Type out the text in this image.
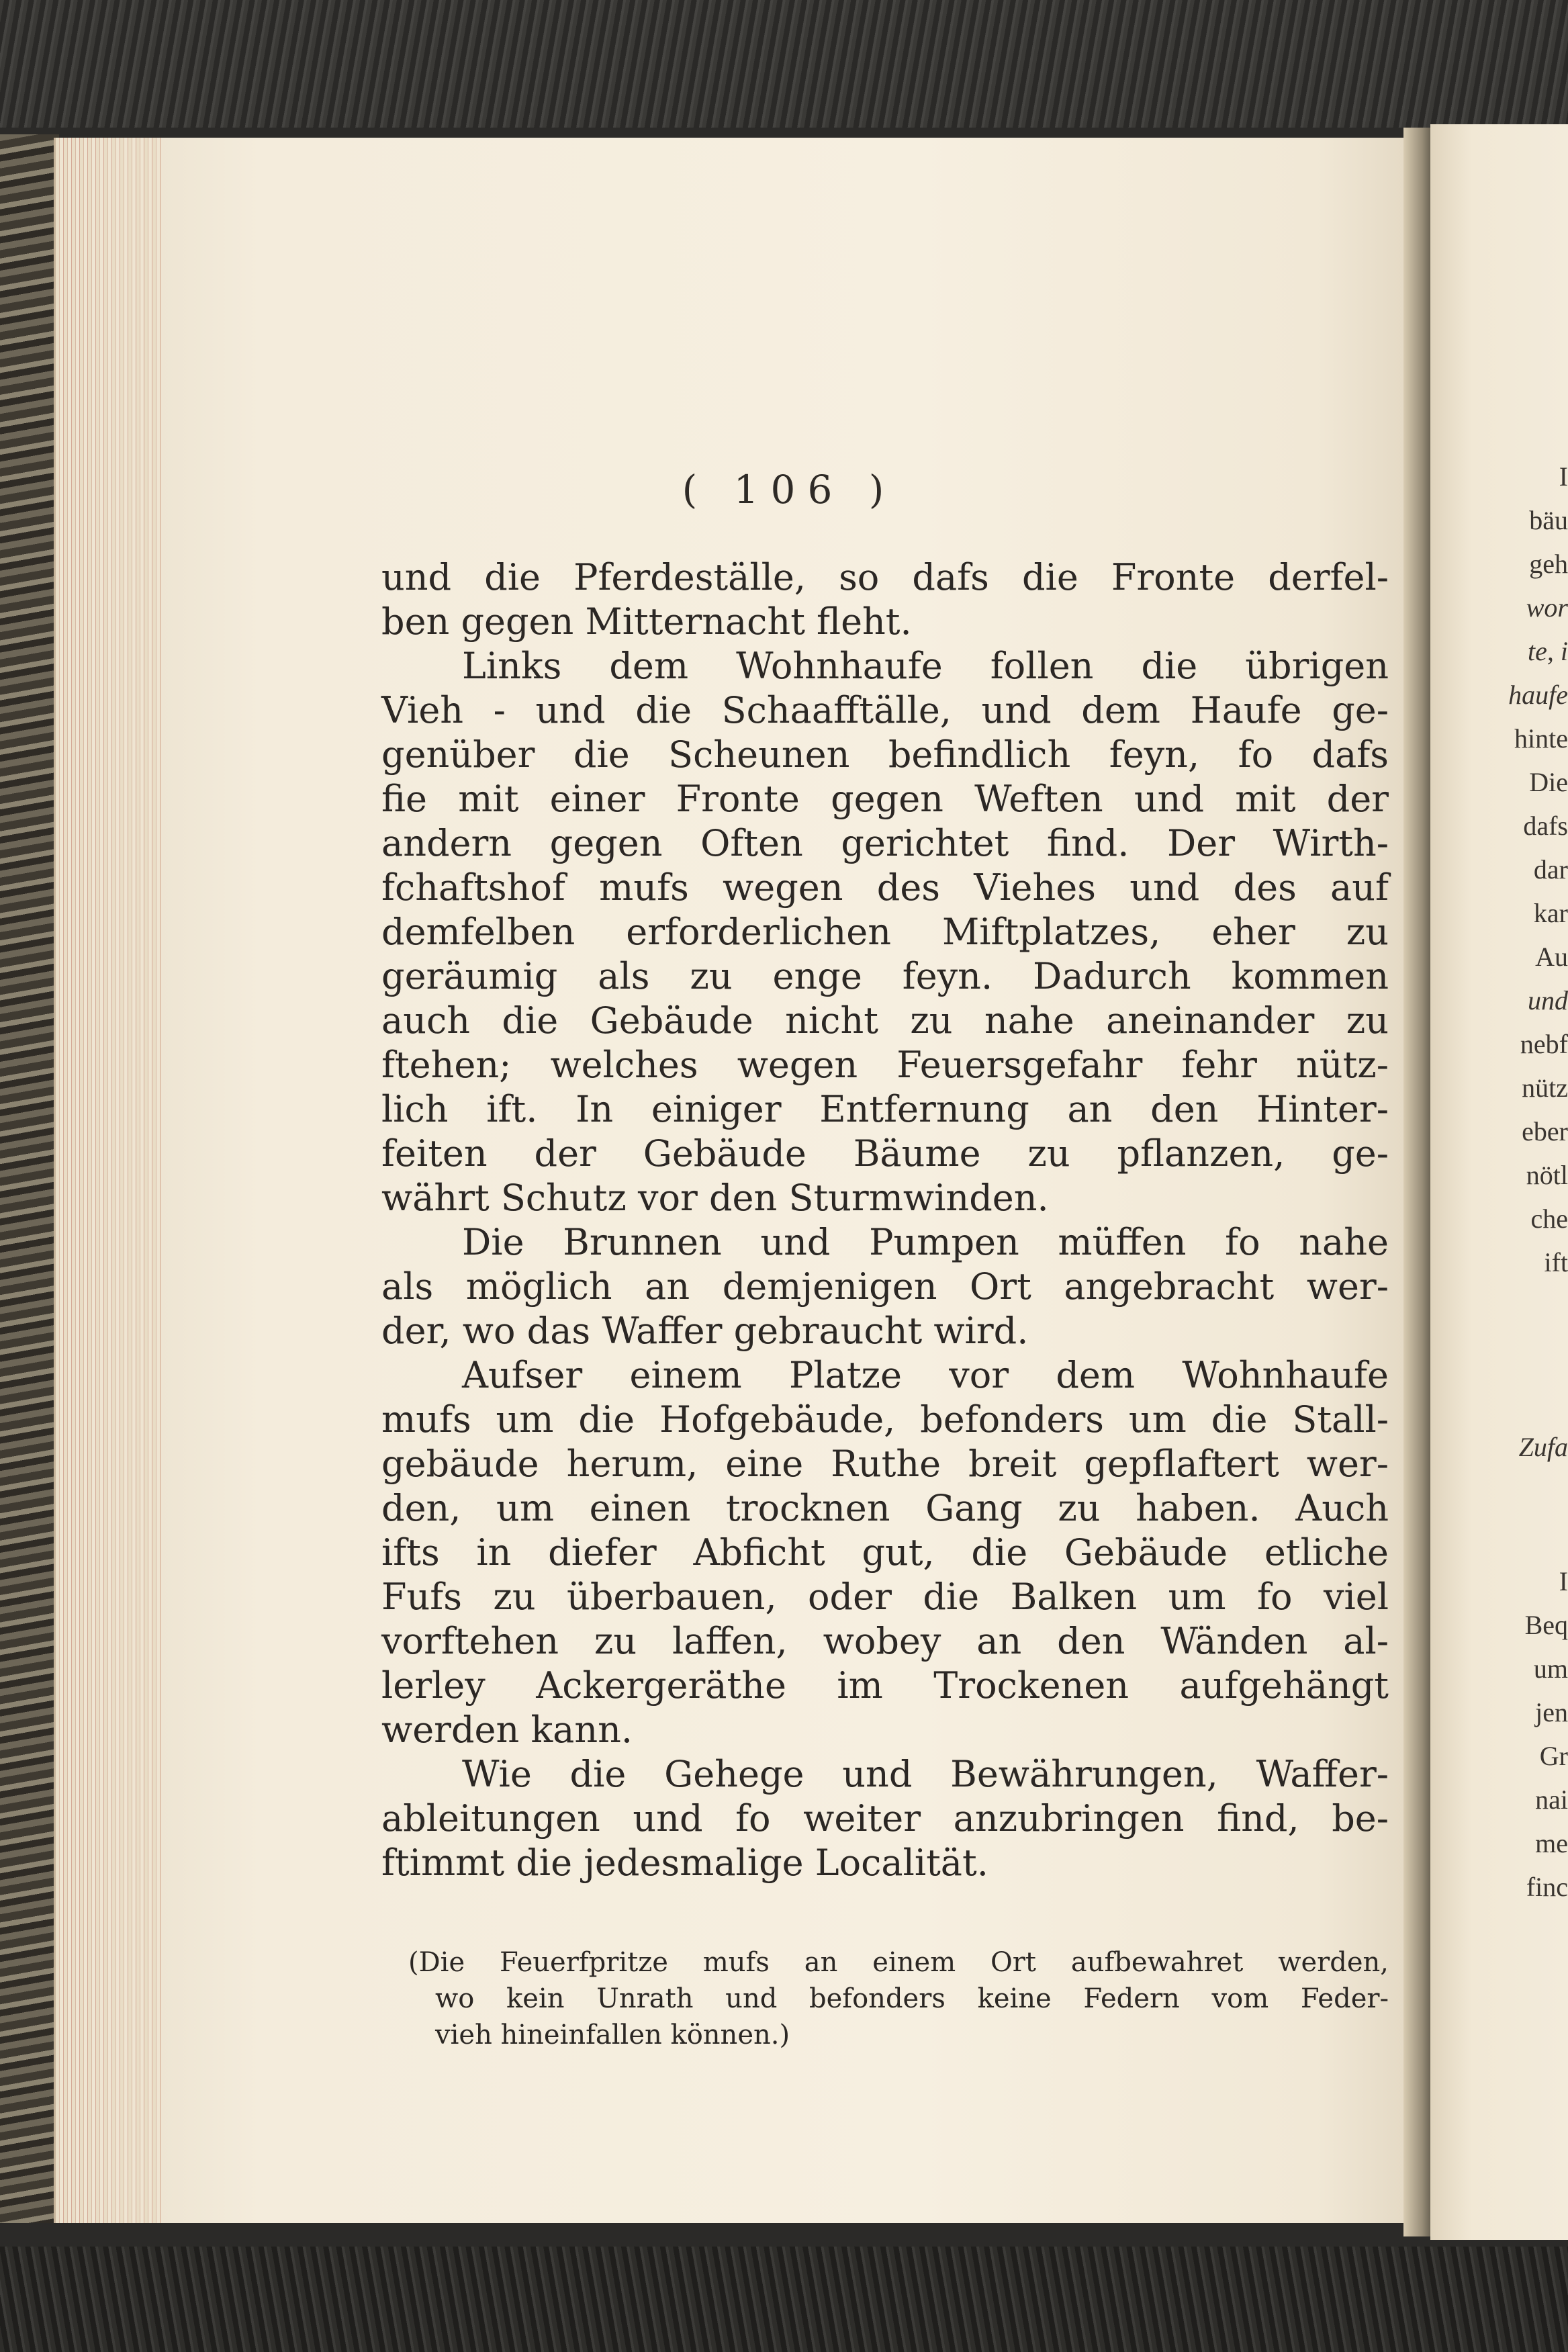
( 106 )
und die Pferdeställe, so dafs die Fronte derfel-
ben gegen Mitternacht fleht.
Links dem Wohnhaufe follen die übrigen
Vieh - und die Schaafftälle, und dem Haufe ge-
genüber die Scheunen befindlich feyn, fo dafs
fie mit einer Fronte gegen Weften und mit der
andern gegen Often gerichtet find. Der Wirth-
fchaftshof mufs wegen des Viehes und des auf
demfelben erforderlichen Miftplatzes, eher zu
geräumig als zu enge feyn. Dadurch kommen
auch die Gebäude nicht zu nahe aneinander zu
ftehen; welches wegen Feuersgefahr fehr nütz-
lich ift. In einiger Entfernung an den Hinter-
feiten der Gebäude Bäume zu pflanzen, ge-
währt Schutz vor den Sturmwinden.
Die Brunnen und Pumpen müffen fo nahe
als möglich an demjenigen Ort angebracht wer-
der, wo das Waffer gebraucht wird.
Aufser einem Platze vor dem Wohnhaufe
mufs um die Hofgebäude, befonders um die Stall-
gebäude herum, eine Ruthe breit gepflaftert wer-
den, um einen trocknen Gang zu haben. Auch
ifts in diefer Abficht gut, die Gebäude etliche
Fufs zu überbauen, oder die Balken um fo viel
vorftehen zu laffen, wobey an den Wänden al-
lerley Ackergeräthe im Trockenen aufgehängt
werden kann.
Wie die Gehege und Bewährungen, Waffer-
ableitungen und fo weiter anzubringen find, be-
ftimmt die jedesmalige Localität.
(Die Feuerfpritze mufs an einem Ort aufbewahret werden,
wo kein Unrath und befonders keine Federn vom Feder-
vieh hineinfallen können.)
I
bäu
geh
wor
te, i
haufe
hinte
Die
dafs
dar
kar
Au
und
nebf
nütz
eber
nötl
che
ift
Zufa
I
Beq
um
jen
Gr
nai
me
finc
